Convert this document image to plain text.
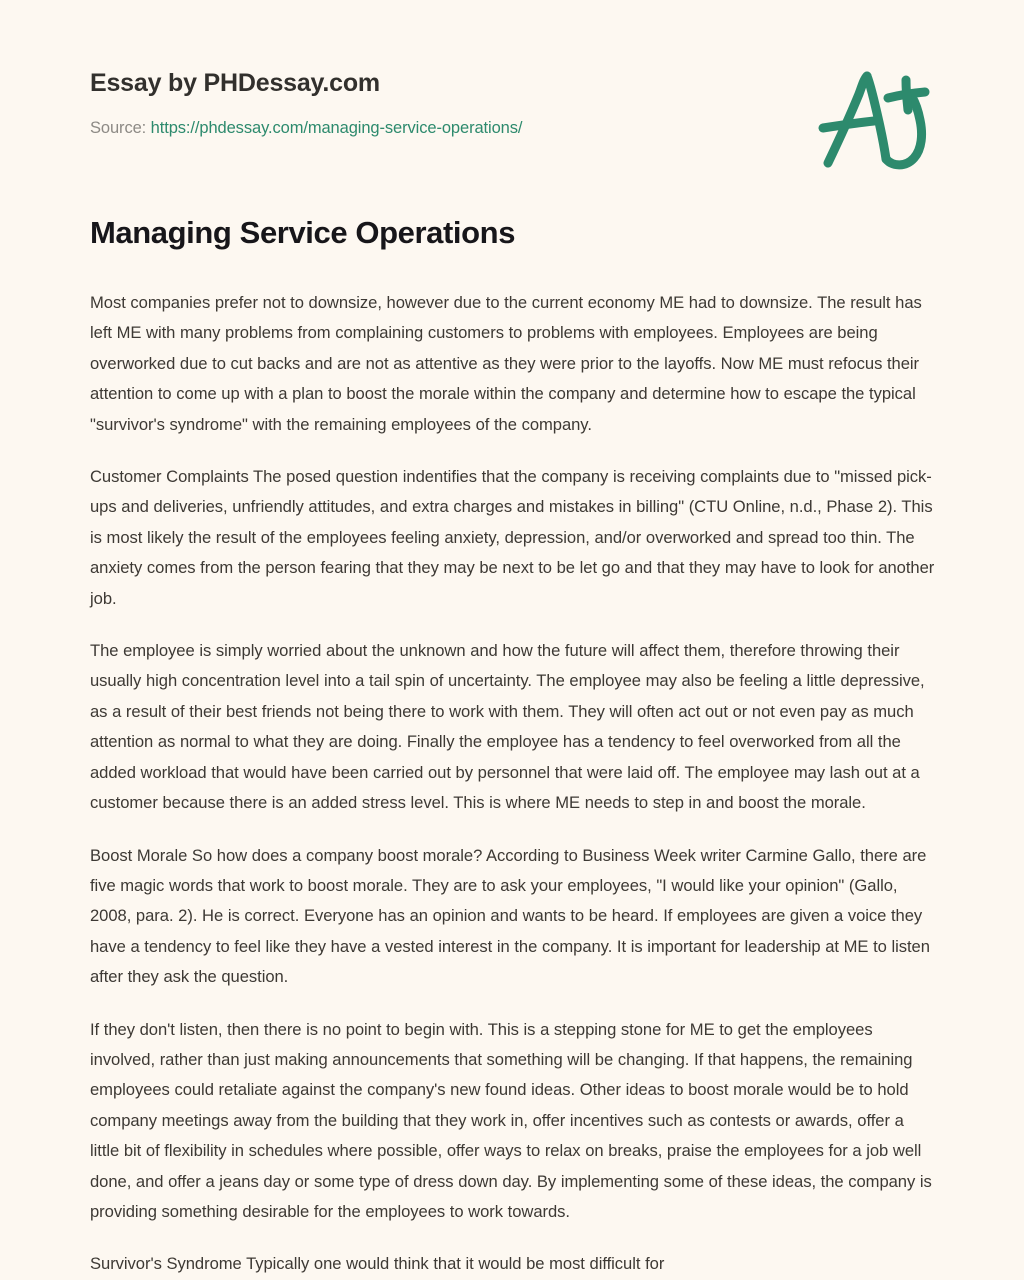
Essay by PHDessay.com
Source: https://phdessay.com/managing-service-operations/
Managing Service Operations

Most companies prefer not to downsize, however due to the current economy ME had to downsize. The result has left ME with many problems from complaining customers to problems with employees. Employees are being overworked due to cut backs and are not as attentive as they were prior to the layoffs. Now ME must refocus their attention to come up with a plan to boost the morale within the company and determine how to escape the typical "survivor's syndrome" with the remaining employees of the company.

Customer Complaints The posed question indentifies that the company is receiving complaints due to "missed pick-ups and deliveries, unfriendly attitudes, and extra charges and mistakes in billing" (CTU Online, n.d., Phase 2). This is most likely the result of the employees feeling anxiety, depression, and/or overworked and spread too thin. The anxiety comes from the person fearing that they may be next to be let go and that they may have to look for another job.

The employee is simply worried about the unknown and how the future will affect them, therefore throwing their usually high concentration level into a tail spin of uncertainty. The employee may also be feeling a little depressive, as a result of their best friends not being there to work with them. They will often act out or not even pay as much attention as normal to what they are doing. Finally the employee has a tendency to feel overworked from all the added workload that would have been carried out by personnel that were laid off. The employee may lash out at a customer because there is an added stress level. This is where ME needs to step in and boost the morale.

Boost Morale So how does a company boost morale? According to Business Week writer Carmine Gallo, there are five magic words that work to boost morale. They are to ask your employees, "I would like your opinion" (Gallo, 2008, para. 2). He is correct. Everyone has an opinion and wants to be heard. If employees are given a voice they have a tendency to feel like they have a vested interest in the company. It is important for leadership at ME to listen after they ask the question.

If they don't listen, then there is no point to begin with. This is a stepping stone for ME to get the employees involved, rather than just making announcements that something will be changing. If that happens, the remaining employees could retaliate against the company's new found ideas. Other ideas to boost morale would be to hold company meetings away from the building that they work in, offer incentives such as contests or awards, offer a little bit of flexibility in schedules where possible, offer ways to relax on breaks, praise the employees for a job well done, and offer a jeans day or some type of dress down day. By implementing some of these ideas, the company is providing something desirable for the employees to work towards.

Survivor's Syndrome Typically one would think that it would be most difficult for
